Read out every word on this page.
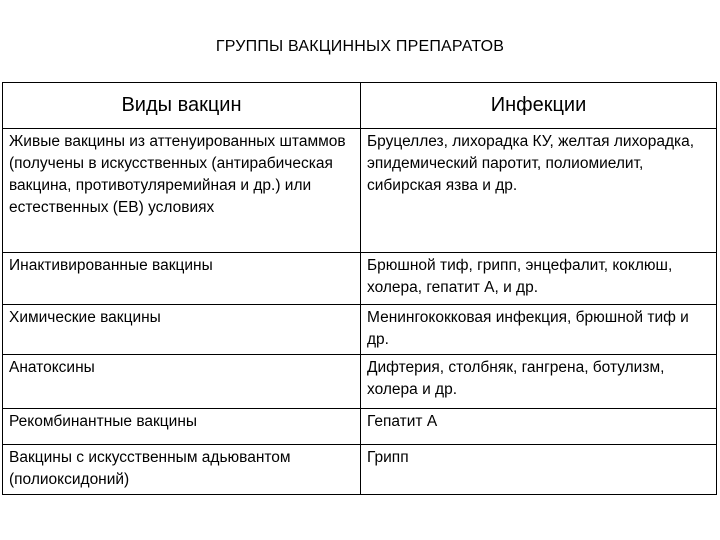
ГРУППЫ ВАКЦИННЫХ ПРЕПАРАТОВ
Виды вакцин	Инфекции
Живые вакцины из аттенуированных штаммов (получены в искусственных (антирабическая вакцина, противотуляремийная и др.) или естественных (ЕВ) условиях	Бруцеллез, лихорадка КУ, желтая лихорадка, эпидемический паротит, полиомиелит, сибирская язва и др.
Инактивированные вакцины	Брюшной тиф, грипп, энцефалит, коклюш, холера, гепатит А, и др.
Химические вакцины	Менингококковая инфекция, брюшной тиф и др.
Анатоксины	Дифтерия, столбняк, гангрена, ботулизм, холера и др.
Рекомбинантные вакцины	Гепатит А
Вакцины с искусственным адьювантом (полиоксидоний)	Грипп
